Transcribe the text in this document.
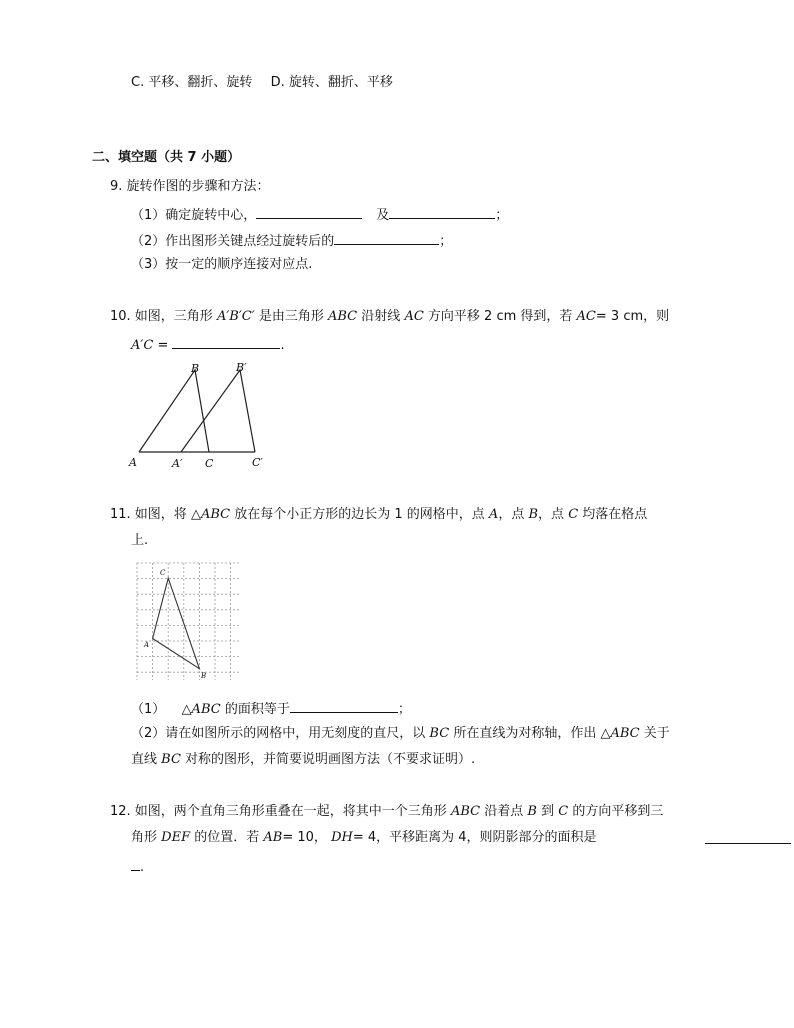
C. 平移、翻折、旋转 D. 旋转、翻折、平移
二、填空题（共 7 小题）
9. 旋转作图的步骤和方法：
（1）确定旋转中心，	及	；
（2）作出图形关键点经过旋转后的	；
（3）按一定的顺序连接对应点.
10. 如图，三角形 A′B′C′ 是由三角形 ABC 沿射线 AC 方向平移 2 cm 得到，若 AC= 3 cm，则
A′C =	.
A	A′ C	C′
B	B′
11. 如图，将 △ABC 放在每个小正方形的边长为 1 的网格中，点 A，点 B，点 C 均落在格点
上.
C
A
B
（1） △ABC 的面积等于	；
（2）请在如图所示的网格中，用无刻度的直尺，以 BC 所在直线为对称轴，作出 △ABC 关于
直线 BC 对称的图形，并简要说明画图方法（不要求证明）.
12. 如图，两个直角三角形重叠在一起，将其中一个三角形 ABC 沿着点 B 到 C 的方向平移到三
角形 DEF 的位置．若 AB= 10， DH= 4，平移距离为 4，则阴影部分的面积是
.
